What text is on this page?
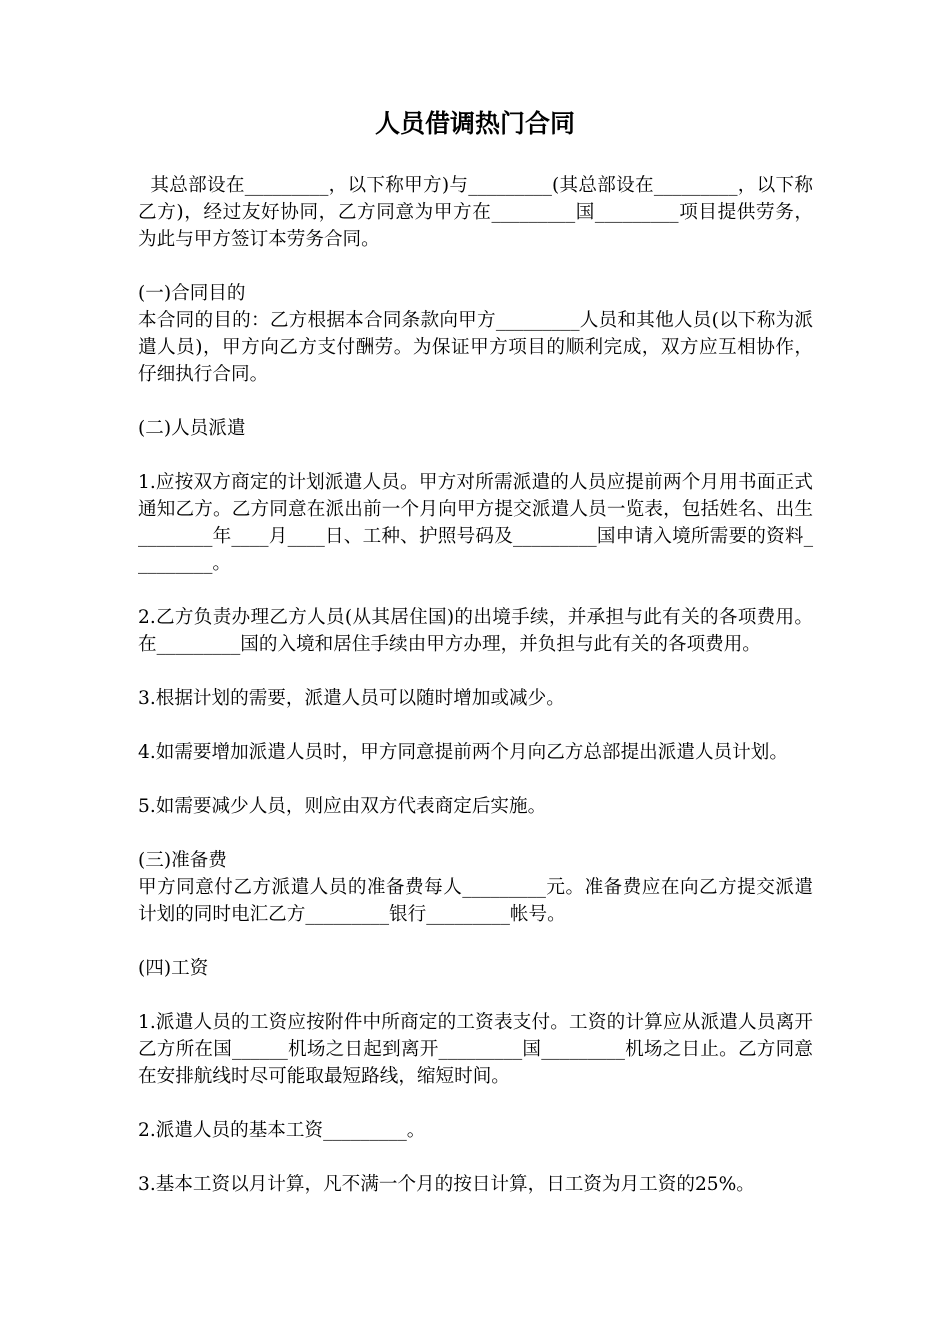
人员借调热门合同

其总部设在_________，以下称甲方)与_________(其总部设在_________，以下称乙方)，经过友好协同，乙方同意为甲方在_________国_________项目提供劳务，为此与甲方签订本劳务合同。

(一)合同目的

本合同的目的：乙方根据本合同条款向甲方_________人员和其他人员(以下称为派遣人员)，甲方向乙方支付酬劳。为保证甲方项目的顺利完成，双方应互相协作，仔细执行合同。

(二)人员派遣

1.应按双方商定的计划派遣人员。甲方对所需派遣的人员应提前两个月用书面正式通知乙方。乙方同意在派出前一个月向甲方提交派遣人员一览表，包括姓名、出生________年____月____日、工种、护照号码及_________国申请入境所需要的资料_________。

2.乙方负责办理乙方人员(从其居住国)的出境手续，并承担与此有关的各项费用。在_________国的入境和居住手续由甲方办理，并负担与此有关的各项费用。

3.根据计划的需要，派遣人员可以随时增加或减少。

4.如需要增加派遣人员时，甲方同意提前两个月向乙方总部提出派遣人员计划。

5.如需要减少人员，则应由双方代表商定后实施。

(三)准备费

甲方同意付乙方派遣人员的准备费每人_________元。准备费应在向乙方提交派遣计划的同时电汇乙方_________银行_________帐号。

(四)工资

1.派遣人员的工资应按附件中所商定的工资表支付。工资的计算应从派遣人员离开乙方所在国______机场之日起到离开_________国_________机场之日止。乙方同意在安排航线时尽可能取最短路线，缩短时间。

2.派遣人员的基本工资_________。

3.基本工资以月计算，凡不满一个月的按日计算，日工资为月工资的25%。
